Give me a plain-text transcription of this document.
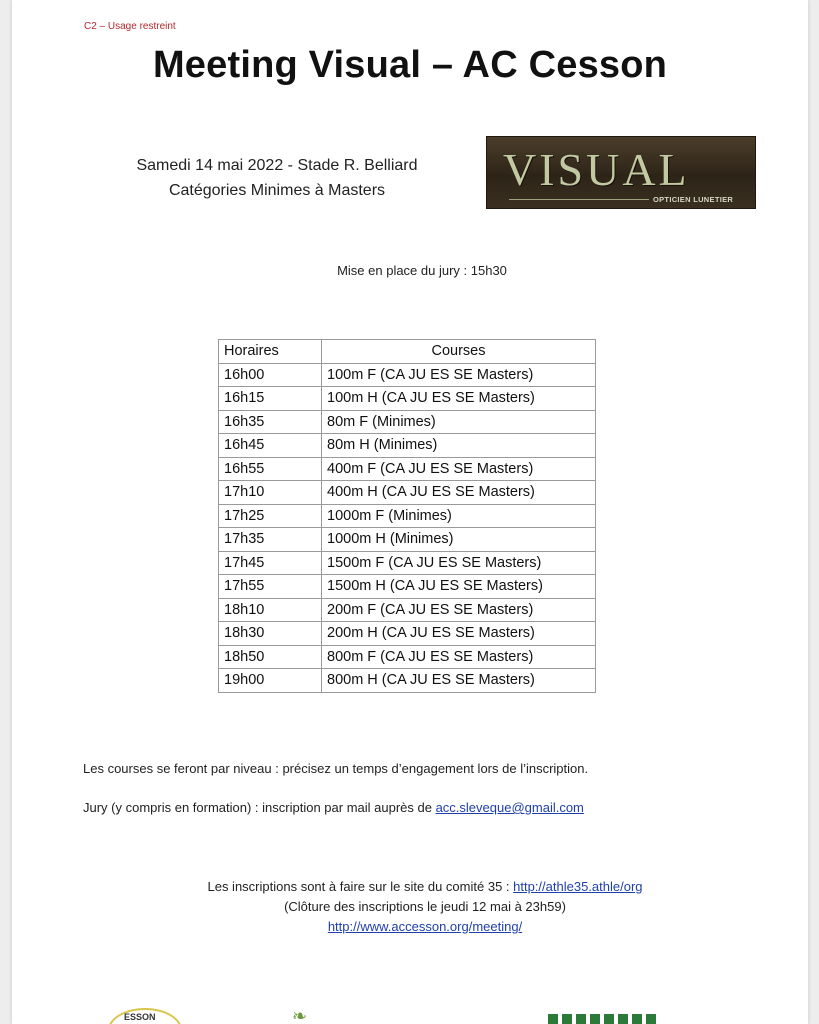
C2 – Usage restreint
Meeting Visual – AC Cesson
Samedi 14 mai 2022 - Stade R. Belliard
Catégories Minimes à Masters	VISUAL
OPTICIEN LUNETIER
Mise en place du jury : 15h30
Horaires	Courses
16h00	100m F (CA JU ES SE Masters)
16h15	100m H (CA JU ES SE Masters)
16h35	80m F (Minimes)
16h45	80m H (Minimes)
16h55	400m F (CA JU ES SE Masters)
17h10	400m H (CA JU ES SE Masters)
17h25	1000m F (Minimes)
17h35	1000m H (Minimes)
17h45	1500m F (CA JU ES SE Masters)
17h55	1500m H (CA JU ES SE Masters)
18h10	200m F (CA JU ES SE Masters)
18h30	200m H (CA JU ES SE Masters)
18h50	800m F (CA JU ES SE Masters)
19h00	800m H (CA JU ES SE Masters)
Les courses se feront par niveau : précisez un temps d’engagement lors de l’inscription.
Jury (y compris en formation) : inscription par mail auprès de acc.sleveque@gmail.com
Les inscriptions sont à faire sur le site du comité 35 : http://athle35.athle/org
(Clôture des inscriptions le jeudi 12 mai à 23h59)
http://www.accesson.org/meeting/
ESSON	❧
